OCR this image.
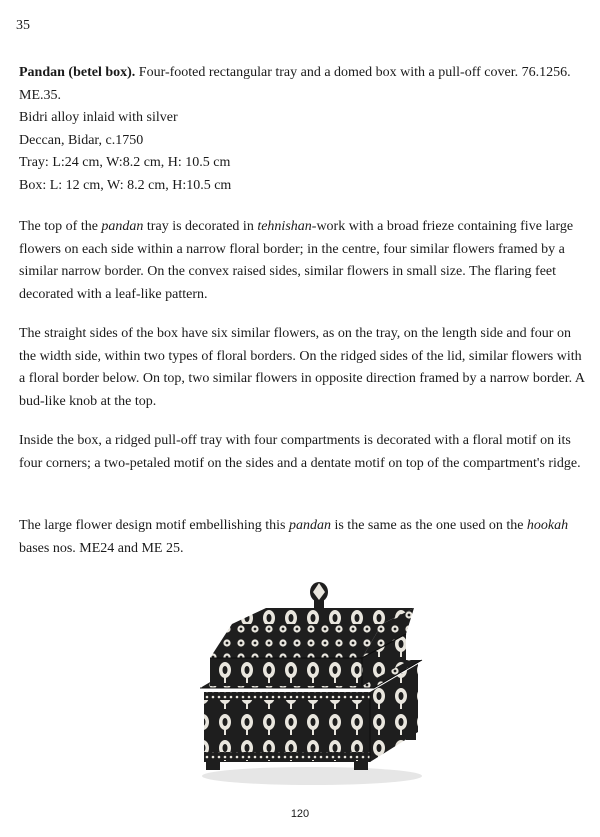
35
Pandan (betel box). Four-footed rectangular tray and a domed box with a pull-off cover. 76.1256. ME.35.
Bidri alloy inlaid with silver
Deccan, Bidar, c.1750
Tray: L:24 cm, W:8.2 cm, H: 10.5 cm
Box: L: 12 cm, W: 8.2 cm, H:10.5 cm

The top of the pandan tray is decorated in tehnishan-work with a broad frieze containing five large flowers on each side within a narrow floral border; in the centre, four similar flowers framed by a similar narrow border. On the convex raised sides, similar flowers in small size. The flaring feet decorated with a leaf-like pattern.

The straight sides of the box have six similar flowers, as on the tray, on the length side and four on the width side, within two types of floral borders. On the ridged sides of the lid, similar flowers with a floral border below. On top, two similar flowers in opposite direction framed by a narrow border. A bud-like knob at the top.

Inside the box, a ridged pull-off tray with four compartments is decorated with a floral motif on its four corners; a two-petaled motif on the sides and a dentate motif on top of the compartment's ridge.

The large flower design motif embellishing this pandan is the same as the one used on the hookah bases nos. ME24 and ME 25.

120
